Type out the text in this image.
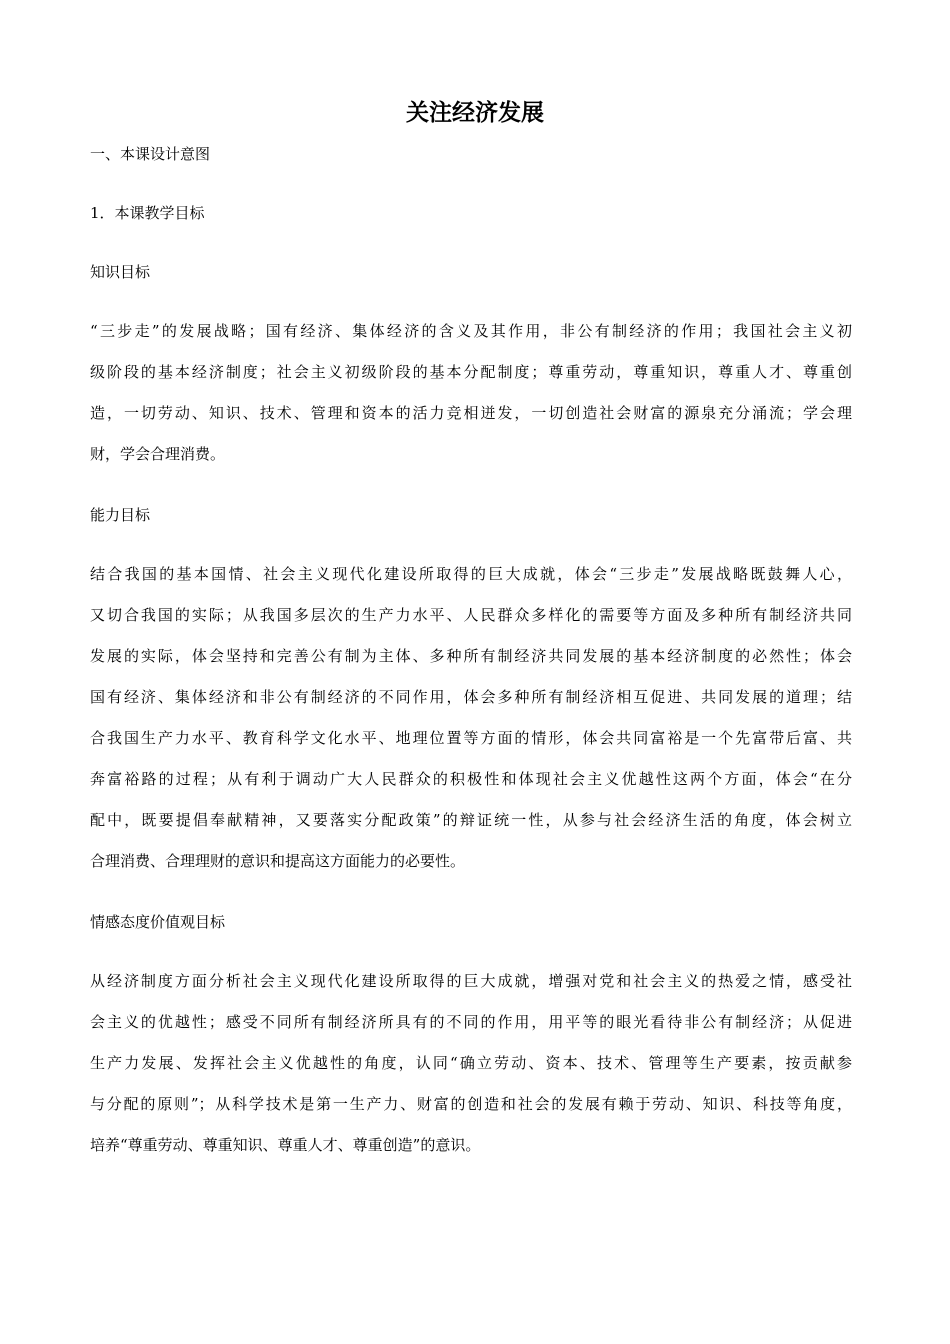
关注经济发展

一、本课设计意图

1．本课教学目标

知识目标

“三步走”的发展战略；国有经济、集体经济的含义及其作用，非公有制经济的作用；我国社会主义初

级阶段的基本经济制度；社会主义初级阶段的基本分配制度；尊重劳动，尊重知识，尊重人才、尊重创

造，一切劳动、知识、技术、管理和资本的活力竞相迸发，一切创造社会财富的源泉充分涌流；学会理

财，学会合理消费。

能力目标

结合我国的基本国情、社会主义现代化建设所取得的巨大成就，体会“三步走”发展战略既鼓舞人心，

又切合我国的实际；从我国多层次的生产力水平、人民群众多样化的需要等方面及多种所有制经济共同

发展的实际，体会坚持和完善公有制为主体、多种所有制经济共同发展的基本经济制度的必然性；体会

国有经济、集体经济和非公有制经济的不同作用，体会多种所有制经济相互促进、共同发展的道理；结

合我国生产力水平、教育科学文化水平、地理位置等方面的情形，体会共同富裕是一个先富带后富、共

奔富裕路的过程；从有利于调动广大人民群众的积极性和体现社会主义优越性这两个方面，体会“在分

配中，既要提倡奉献精神，又要落实分配政策”的辩证统一性，从参与社会经济生活的角度，体会树立

合理消费、合理理财的意识和提高这方面能力的必要性。

情感态度价值观目标

从经济制度方面分析社会主义现代化建设所取得的巨大成就，增强对党和社会主义的热爱之情，感受社

会主义的优越性；感受不同所有制经济所具有的不同的作用，用平等的眼光看待非公有制经济；从促进

生产力发展、发挥社会主义优越性的角度，认同“确立劳动、资本、技术、管理等生产要素，按贡献参

与分配的原则”；从科学技术是第一生产力、财富的创造和社会的发展有赖于劳动、知识、科技等角度，

培养“尊重劳动、尊重知识、尊重人才、尊重创造”的意识。
